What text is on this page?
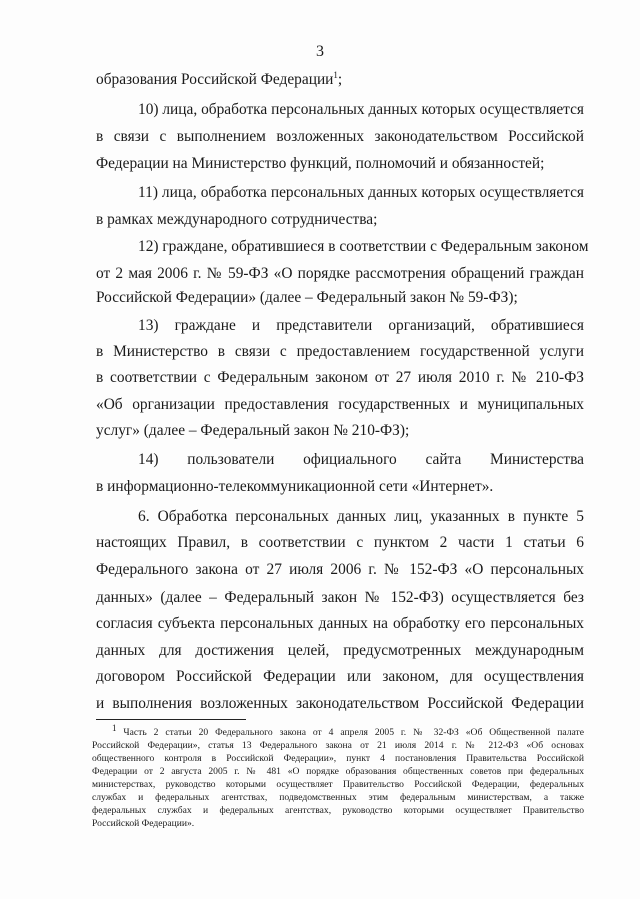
3
образования Российской Федерации$^1$;
10) лица, обработка персональных данных которых осуществляется
в связи с выполнением возложенных законодательством Российской
Федерации на Министерство функций, полномочий и обязанностей;
11) лица, обработка персональных данных которых осуществляется
в рамках международного сотрудничества;
12) граждане, обратившиеся в соответствии с Федеральным законом
от 2 мая 2006 г. № 59-ФЗ «О порядке рассмотрения обращений граждан
Российской Федерации» (далее – Федеральный закон № 59-ФЗ);
13) граждане и представители организаций, обратившиеся
в Министерство в связи с предоставлением государственной услуги
в соответствии с Федеральным законом от 27 июля 2010 г. № 210-ФЗ
«Об организации предоставления государственных и муниципальных
услуг» (далее – Федеральный закон № 210-ФЗ);
14) пользователи официального сайта Министерства
в информационно-телекоммуникационной сети «Интернет».
6. Обработка персональных данных лиц, указанных в пункте 5
настоящих Правил, в соответствии с пунктом 2 части 1 статьи 6
Федерального закона от 27 июля 2006 г. № 152-ФЗ «О персональных
данных» (далее – Федеральный закон № 152-ФЗ) осуществляется без
согласия субъекта персональных данных на обработку его персональных
данных для достижения целей, предусмотренных международным
договором Российской Федерации или законом, для осуществления
и выполнения возложенных законодательством Российской Федерации
$^1$ Часть 2 статьи 20 Федерального закона от 4 апреля 2005 г. № 32-ФЗ «Об Общественной палате
Российской Федерации», статья 13 Федерального закона от 21 июля 2014 г. № 212-ФЗ «Об основах
общественного контроля в Российской Федерации», пункт 4 постановления Правительства Российской
Федерации от 2 августа 2005 г. № 481 «О порядке образования общественных советов при федеральных
министерствах, руководство которыми осуществляет Правительство Российской Федерации, федеральных
службах и федеральных агентствах, подведомственных этим федеральным министерствам, а также
федеральных службах и федеральных агентствах, руководство которыми осуществляет Правительство
Российской Федерации».
